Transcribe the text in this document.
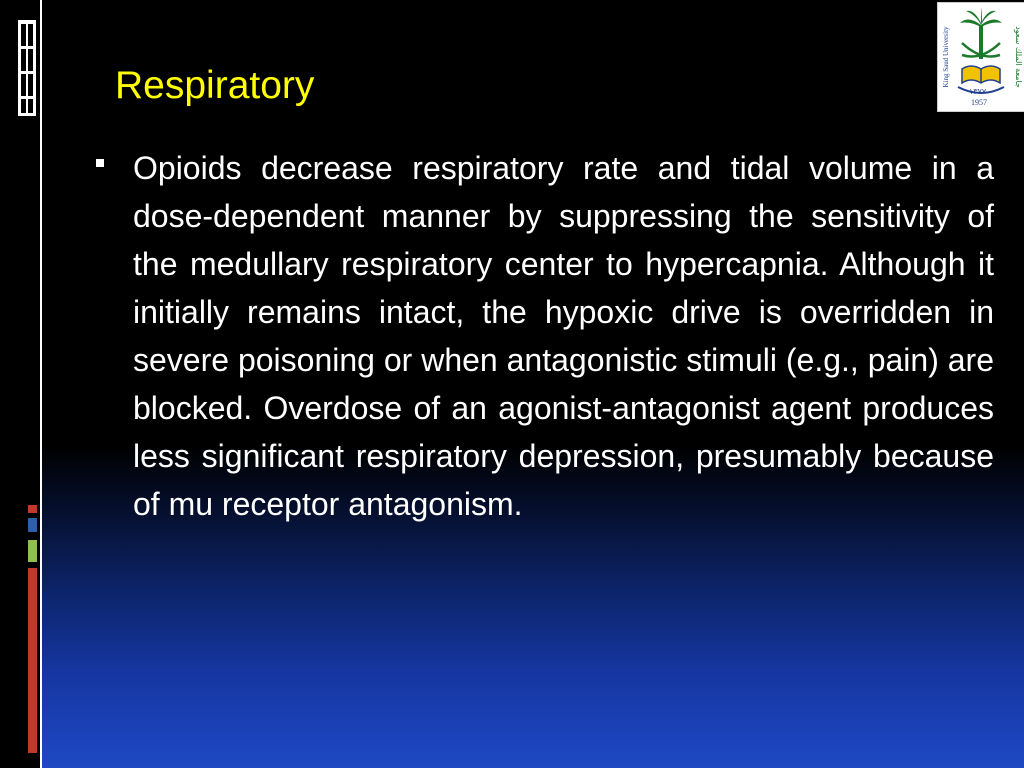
Respiratory	King Saud University	جامعة الملك سعود
١٣٧٧
1957

Opioids decrease respiratory rate and tidal volume in a dose-dependent manner by suppressing the sensitivity of the medullary respiratory center to hypercapnia. Although it initially remains intact, the hypoxic drive is overridden in severe poisoning or when antagonistic stimuli (e.g., pain) are blocked. Overdose of an agonist-antagonist agent produces less significant respiratory depression, presumably because of mu receptor antagonism.
